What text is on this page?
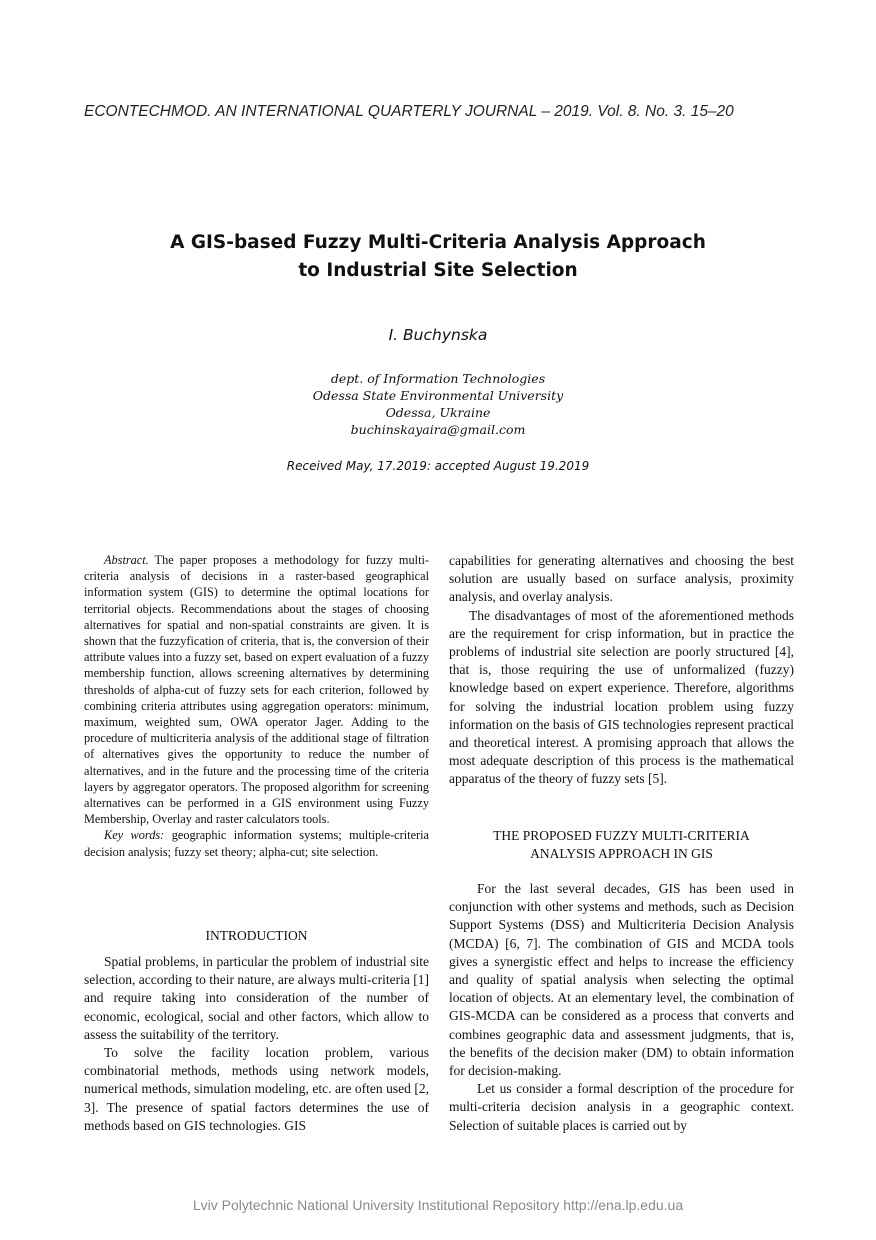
ECONTECHMOD. AN INTERNATIONAL QUARTERLY JOURNAL – 2019. Vol. 8. No. 3. 15–20
A GIS-based Fuzzy Multi-Criteria Analysis Approach
to Industrial Site Selection
I. Buchynska
dept. of Information Technologies
Odessa State Environmental University
Odessa, Ukraine
buchinskayaira@gmail.com
Received May, 17.2019: accepted August 19.2019

Abstract. The paper proposes a methodology for fuzzy multi-criteria analysis of decisions in a raster-based geographical information system (GIS) to determine the optimal locations for territorial objects. Recommendations about the stages of choosing alternatives for spatial and non-spatial constraints are given. It is shown that the fuzzyfication of criteria, that is, the conversion of their attribute values into a fuzzy set, based on expert evaluation of a fuzzy membership function, allows screening alternatives by determining thresholds of alpha-cut of fuzzy sets for each criterion, followed by combining criteria attributes using aggregation operators: minimum, maximum, weighted sum, OWA operator Jager. Adding to the procedure of multicriteria analysis of the additional stage of filtration of alternatives gives the opportunity to reduce the number of alternatives, and in the future and the processing time of the criteria layers by aggregator operators. The proposed algorithm for screening alternatives can be performed in a GIS environment using Fuzzy Membership, Overlay and raster calculators tools.

Key words: geographic information systems; multiple-criteria decision analysis; fuzzy set theory; alpha-cut; site selection.

INTRODUCTION

Spatial problems, in particular the problem of industrial site selection, according to their nature, are always multi-criteria [1] and require taking into consideration of the number of economic, ecological, social and other factors, which allow to assess the suitability of the territory.

To solve the facility location problem, various combinatorial methods, methods using network models, numerical methods, simulation modeling, etc. are often used [2, 3]. The presence of spatial factors determines the use of methods based on GIS technologies. GIS

capabilities for generating alternatives and choosing the best solution are usually based on surface analysis, proximity analysis, and overlay analysis.

The disadvantages of most of the aforementioned methods are the requirement for crisp information, but in practice the problems of industrial site selection are poorly structured [4], that is, those requiring the use of unformalized (fuzzy) knowledge based on expert experience. Therefore, algorithms for solving the industrial location problem using fuzzy information on the basis of GIS technologies represent practical and theoretical interest. A promising approach that allows the most adequate description of this process is the mathematical apparatus of the theory of fuzzy sets [5].

THE PROPOSED FUZZY MULTI-CRITERIA
ANALYSIS APPROACH IN GIS

For the last several decades, GIS has been used in conjunction with other systems and methods, such as Decision Support Systems (DSS) and Multicriteria Decision Analysis (MCDA) [6, 7]. The combination of GIS and MCDA tools gives a synergistic effect and helps to increase the efficiency and quality of spatial analysis when selecting the optimal location of objects. At an elementary level, the combination of GIS-MCDA can be considered as a process that converts and combines geographic data and assessment judgments, that is, the benefits of the decision maker (DM) to obtain information for decision-making.

Let us consider a formal description of the procedure for multi-criteria decision analysis in a geographic context. Selection of suitable places is carried out by

Lviv Polytechnic National University Institutional Repository http://ena.lp.edu.ua
